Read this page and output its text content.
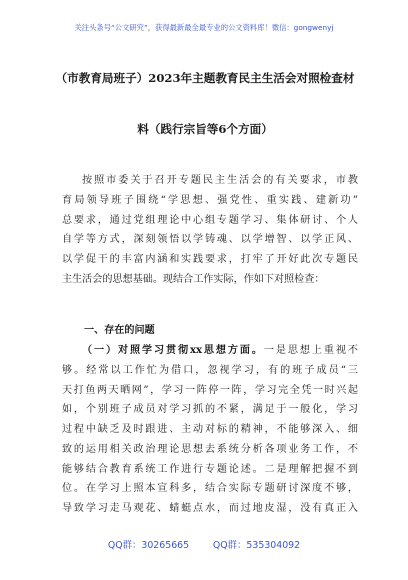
关注头条号“公文研究”，获得最新最全最专业的公文资料库！微信：gongwenyj
（市教育局班子）2023年主题教育民主生活会对照检查材
料（践行宗旨等6个方面）
按照市委关于召开专题民主生活会的有关要求，市教
育局领导班子围绕“学思想、强党性、重实践、建新功”
总要求，通过党组理论中心组专题学习、集体研讨、个人
自学等方式，深刻领悟以学铸魂、以学增智、以学正风、
以学促干的丰富内涵和实践要求，打牢了开好此次专题民
主生活会的思想基础。现结合工作实际，作如下对照检查：
一、存在的问题
（一）对照学习贯彻xx思想方面。一是思想上重视不
够。经常以工作忙为借口，忽视学习，有的班子成员“三
天打鱼两天晒网”，学习一阵停一阵，学习完全凭一时兴起
如，个别班子成员对学习抓的不紧，满足于一般化，学习
过程中缺乏及时跟进、主动对标的精神，不能够深入、细
致的运用相关政治理论思想去系统分析各项业务工作，不
能够结合教育系统工作进行专题论述。二是理解把握不到
位。在学习上照本宣科多，结合实际专题研讨深度不够，
导致学习走马观花、蜻蜓点水，而过地皮湿，没有真正入
QQ群：30265665        QQ群：535304092
